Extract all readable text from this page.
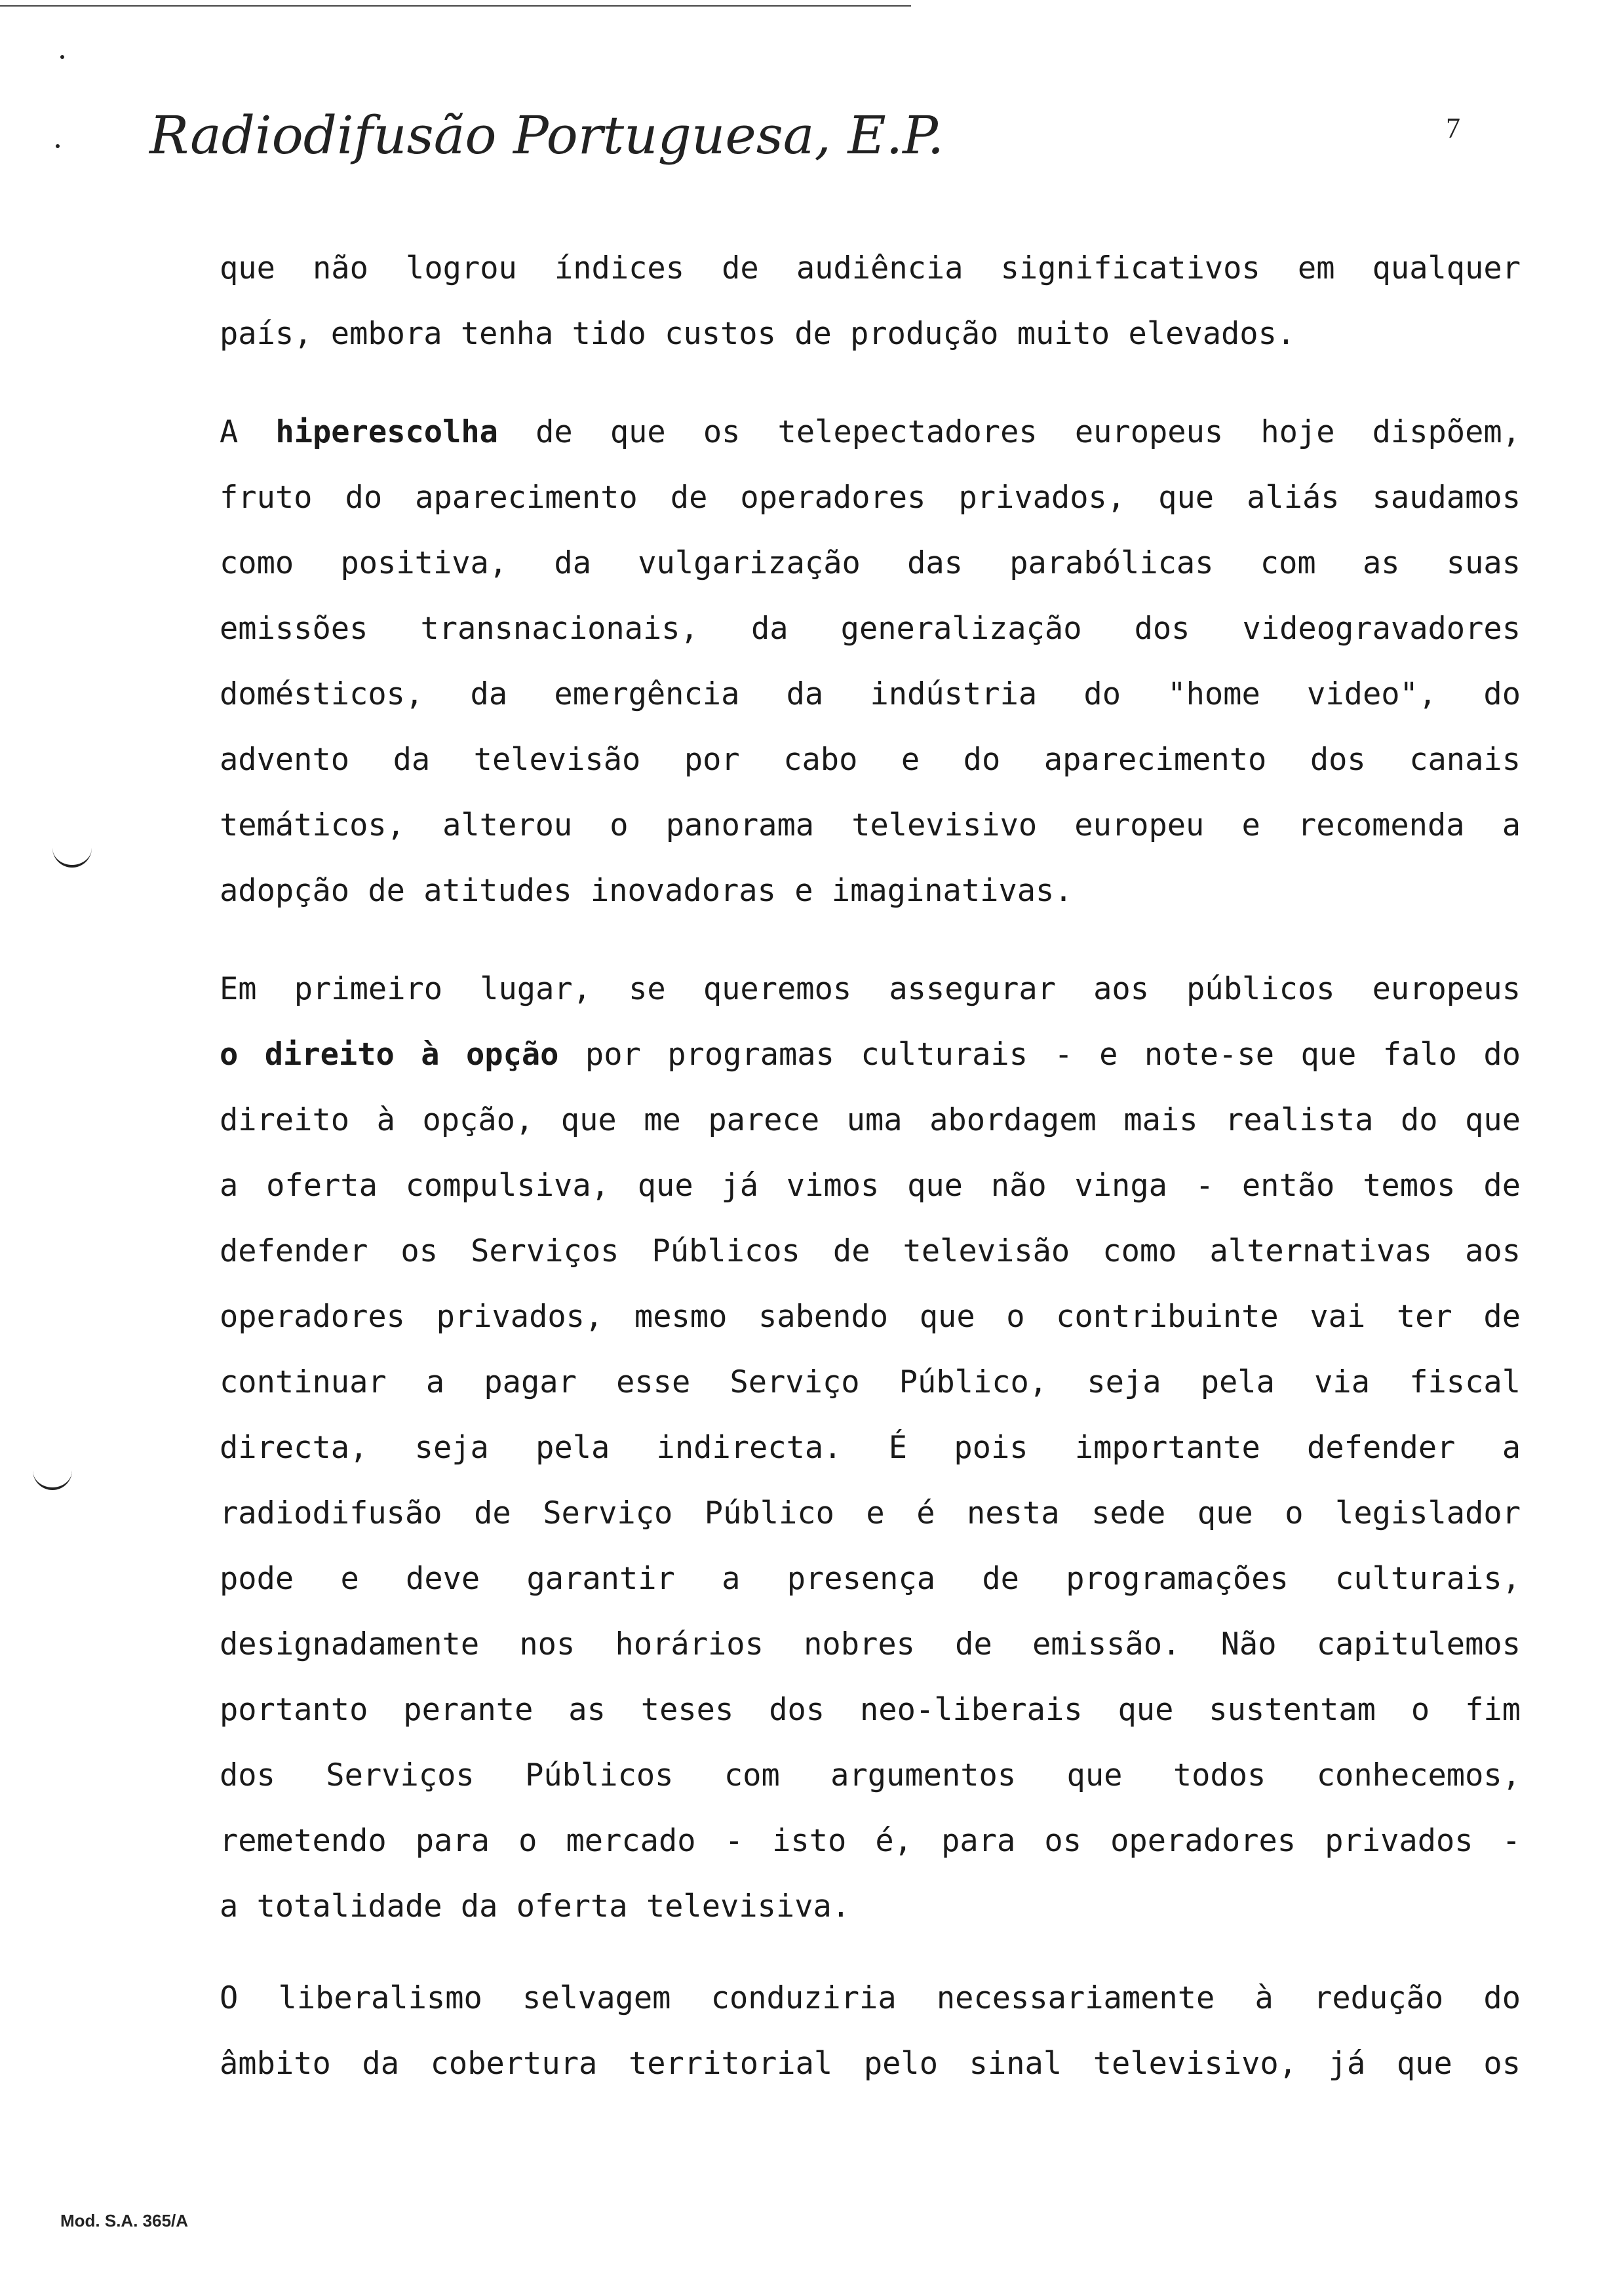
Radiodifusão Portuguesa, E.P.	7
que não logrou índices de audiência significativos em qualquer
país, embora tenha tido custos de produção muito elevados.
A hiperescolha de que os telepectadores europeus hoje dispõem,
fruto do aparecimento de operadores privados, que aliás saudamos
como positiva, da vulgarização das parabólicas com as suas
emissões transnacionais, da generalização dos videogravadores
domésticos, da emergência da indústria do "home video", do
advento da televisão por cabo e do aparecimento dos canais
temáticos, alterou o panorama televisivo europeu e recomenda a
adopção de atitudes inovadoras e imaginativas.
Em primeiro lugar, se queremos assegurar aos públicos europeus
o direito à opção por programas culturais - e note-se que falo do
direito à opção, que me parece uma abordagem mais realista do que
a oferta compulsiva, que já vimos que não vinga - então temos de
defender os Serviços Públicos de televisão como alternativas aos
operadores privados, mesmo sabendo que o contribuinte vai ter de
continuar a pagar esse Serviço Público, seja pela via fiscal
directa, seja pela indirecta. É pois importante defender a
radiodifusão de Serviço Público e é nesta sede que o legislador
pode e deve garantir a presença de programações culturais,
designadamente nos horários nobres de emissão. Não capitulemos
portanto perante as teses dos neo-liberais que sustentam o fim
dos Serviços Públicos com argumentos que todos conhecemos,
remetendo para o mercado - isto é, para os operadores privados -
a totalidade da oferta televisiva.
O liberalismo selvagem conduziria necessariamente à redução do
âmbito da cobertura territorial pelo sinal televisivo, já que os
Mod. S.A. 365/A
